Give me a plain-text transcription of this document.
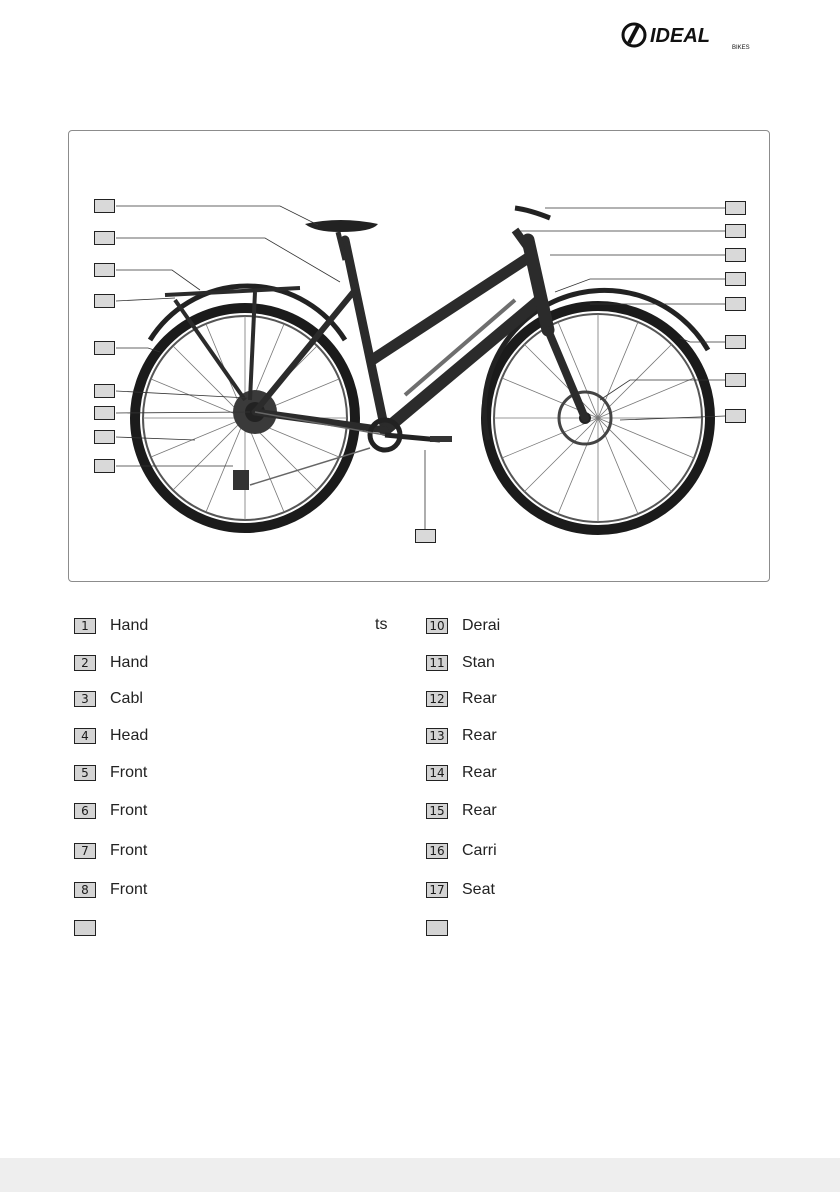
IDEAL
BIKES
1	Hand
2	Hand
3	Cabl
4	Head
5	Front
6	Front
7	Front
8	Front
10 Derai
11 Stan
12 Rear
13 Rear
14 Rear
15 Rear
16 Carri
17 Seat
ts
